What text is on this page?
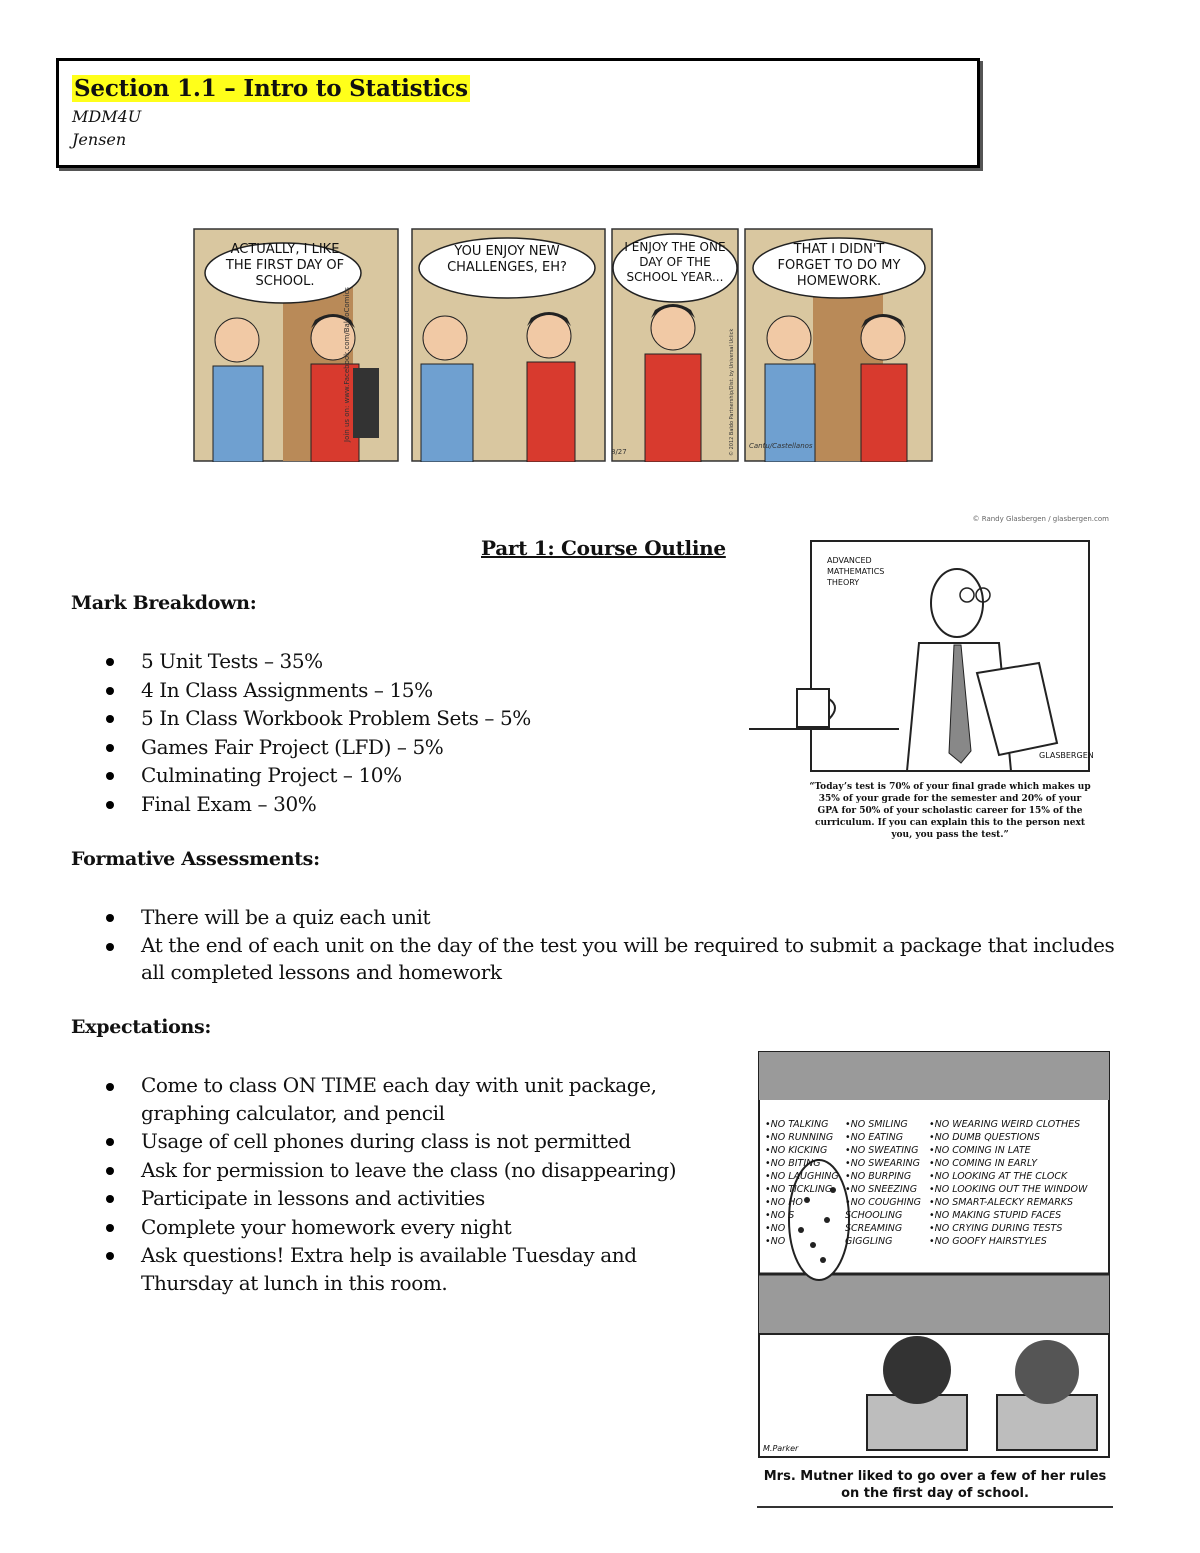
Section 1.1 – Intro to Statistics
MDM4U
Jensen
ACTUALLY, I LIKE THE FIRST DAY OF SCHOOL.
YOU ENJOY NEW CHALLENGES, EH?
I ENJOY THE ONE DAY OF THE SCHOOL YEAR...
THAT I DIDN'T FORGET TO DO MY HOMEWORK.
Join us on: www.Facebook.com/BaldoComics	© 2012 Baldo Partnership/Dist. by Universal Uclick
8/27
Cantu/Castellanos
Part 1: Course Outline
Mark Breakdown:
5 Unit Tests – 35%
4 In Class Assignments – 15%
5 In Class Workbook Problem Sets – 5%
Games Fair Project (LFD) – 5%
Culminating Project – 10%
Final Exam – 30%
Formative Assessments:
There will be a quiz each unit
At the end of each unit on the day of the test you will be required to submit a package that includes all completed lessons and homework
Expectations:
Come to class ON TIME each day with unit package, graphing calculator, and pencil
Usage of cell phones during class is not permitted
Ask for permission to leave the class (no disappearing)
Participate in lessons and activities
Complete your homework every night
Ask questions! Extra help is available Tuesday and Thursday at lunch in this room.
© Randy Glasbergen / glasbergen.com
ADVANCED MATHEMATICS THEORY
GLASBERGEN
“Today’s test is 70% of your final grade which makes up 35% of your grade for the semester and 20% of your GPA for 50% of your scholastic career for 15% of the curriculum. If you can explain this to the person next you, you pass the test.”
•NO TALKING
•NO RUNNING
•NO KICKING
•NO BITING
•NO LAUGHING
•NO TICKLING
•NO HO
•NO S
•NO
•NO
•NO SMILING
•NO EATING
•NO SWEATING
•NO SWEARING
•NO BURPING
•NO SNEEZING
•NO COUGHING
SCHOOLING
SCREAMING
GIGGLING
•NO WEARING WEIRD CLOTHES
•NO DUMB QUESTIONS
•NO COMING IN LATE
•NO COMING IN EARLY
•NO LOOKING AT THE CLOCK
•NO LOOKING OUT THE WINDOW
•NO SMART-ALECKY REMARKS
•NO MAKING STUPID FACES
•NO CRYING DURING TESTS
•NO GOOFY HAIRSTYLES
M.Parker
Mrs. Mutner liked to go over a few of her rules on the first day of school.
